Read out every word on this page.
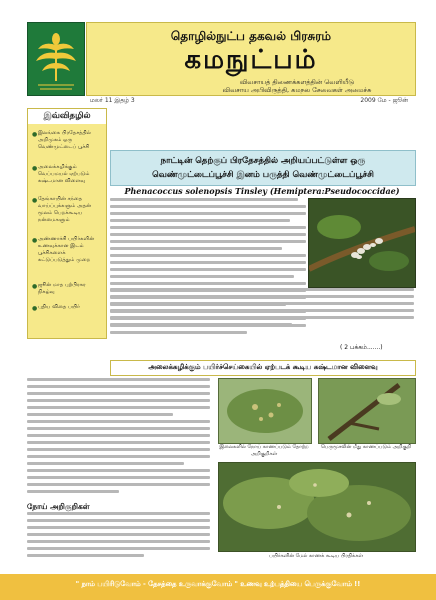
தொழில்நுட்ப தகவல் பிரசுரம்
கமநுட்பம்
விவசாயத் திணைக்களத்தின் வெளியீடு
விவசாய அபிவிருத்தி, கமநல சேவைகள் அமைச்சு
மலர் 11 இதழ் 3	2009 மே - ஜூன்
இவ்விதழில்
● இலங்கை பிரதேசத்தில் அறிமுகம் ஒரு வெண்முட்டைப் பூச்சி
● அலைக்கழிக்கும் வெப்பமயல் ஏற்படும் கஷ்டமான விளைவு
● தேங்காயின் சந்தை வாய்ப்புக்களும் அதன் மூலம் பெறக்கூடிய நன்மைகளும்
● அண்ணாச்சி பயிர்களின் உணவுக்கான இடம் பூச்சிகளைக் கட்டுப்படுத்தும் முறை
● ஜூன் மாத புற்பிரசுர நிகழ்வு
● புதிய விதை பயிர்
நாட்டின் தெற்குப் பிரதேசத்தில் அறியப்பட்டுள்ள ஒரு
வெண்முட்டைப்பூச்சி இனம் பருத்தி வெண்முட்டைப்பூச்சி
Phenacoccus solenopsis Tinsley (Hemiptera:Pseudococcidae)
( 2 பக்கம்.......)
அலைக்கழிக்கும் பயிர்ச்செய்கையில் ஏற்படக் கூடிய கஷ்டமான விளைவு
நோய் அறிகுறிகள்
இலைகளில் நோய் காணப்படும் தோற்ற அறிகுறிகள்
பெருமூசலின் மீது காணப்படும் அறிகுறி
பயிர்களின் மேல் காணக் கூடிய பிரதிக்கள்
" நாம் பயிரிடுவோம் - தேசத்தை உருவாக்குவோம் " உணவு உற்பத்தியை பெருக்குவோம் !!
